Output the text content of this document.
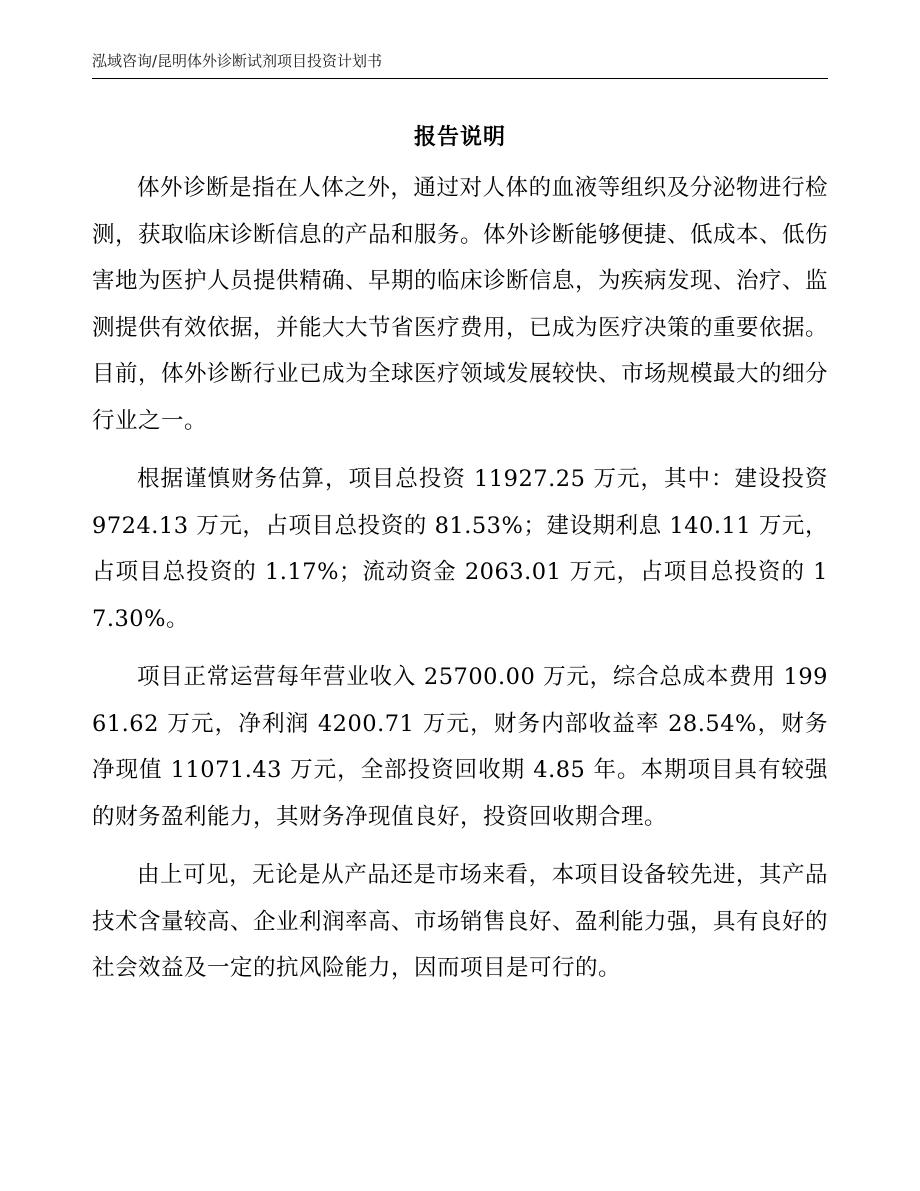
泓域咨询/昆明体外诊断试剂项目投资计划书
报告说明

体外诊断是指在人体之外，通过对人体的血液等组织及分泌物进行检测，获取临床诊断信息的产品和服务。体外诊断能够便捷、低成本、低伤害地为医护人员提供精确、早期的临床诊断信息，为疾病发现、治疗、监测提供有效依据，并能大大节省医疗费用，已成为医疗决策的重要依据。目前，体外诊断行业已成为全球医疗领域发展较快、市场规模最大的细分行业之一。

根据谨慎财务估算，项目总投资 11927.25 万元，其中：建设投资 9724.13 万元，占项目总投资的 81.53%；建设期利息 140.11 万元，占项目总投资的 1.17%；流动资金 2063.01 万元，占项目总投资的 17.30%。

项目正常运营每年营业收入 25700.00 万元，综合总成本费用 19961.62 万元，净利润 4200.71 万元，财务内部收益率 28.54%，财务净现值 11071.43 万元，全部投资回收期 4.85 年。本期项目具有较强的财务盈利能力，其财务净现值良好，投资回收期合理。

由上可见，无论是从产品还是市场来看，本项目设备较先进，其产品技术含量较高、企业利润率高、市场销售良好、盈利能力强，具有良好的社会效益及一定的抗风险能力，因而项目是可行的。
